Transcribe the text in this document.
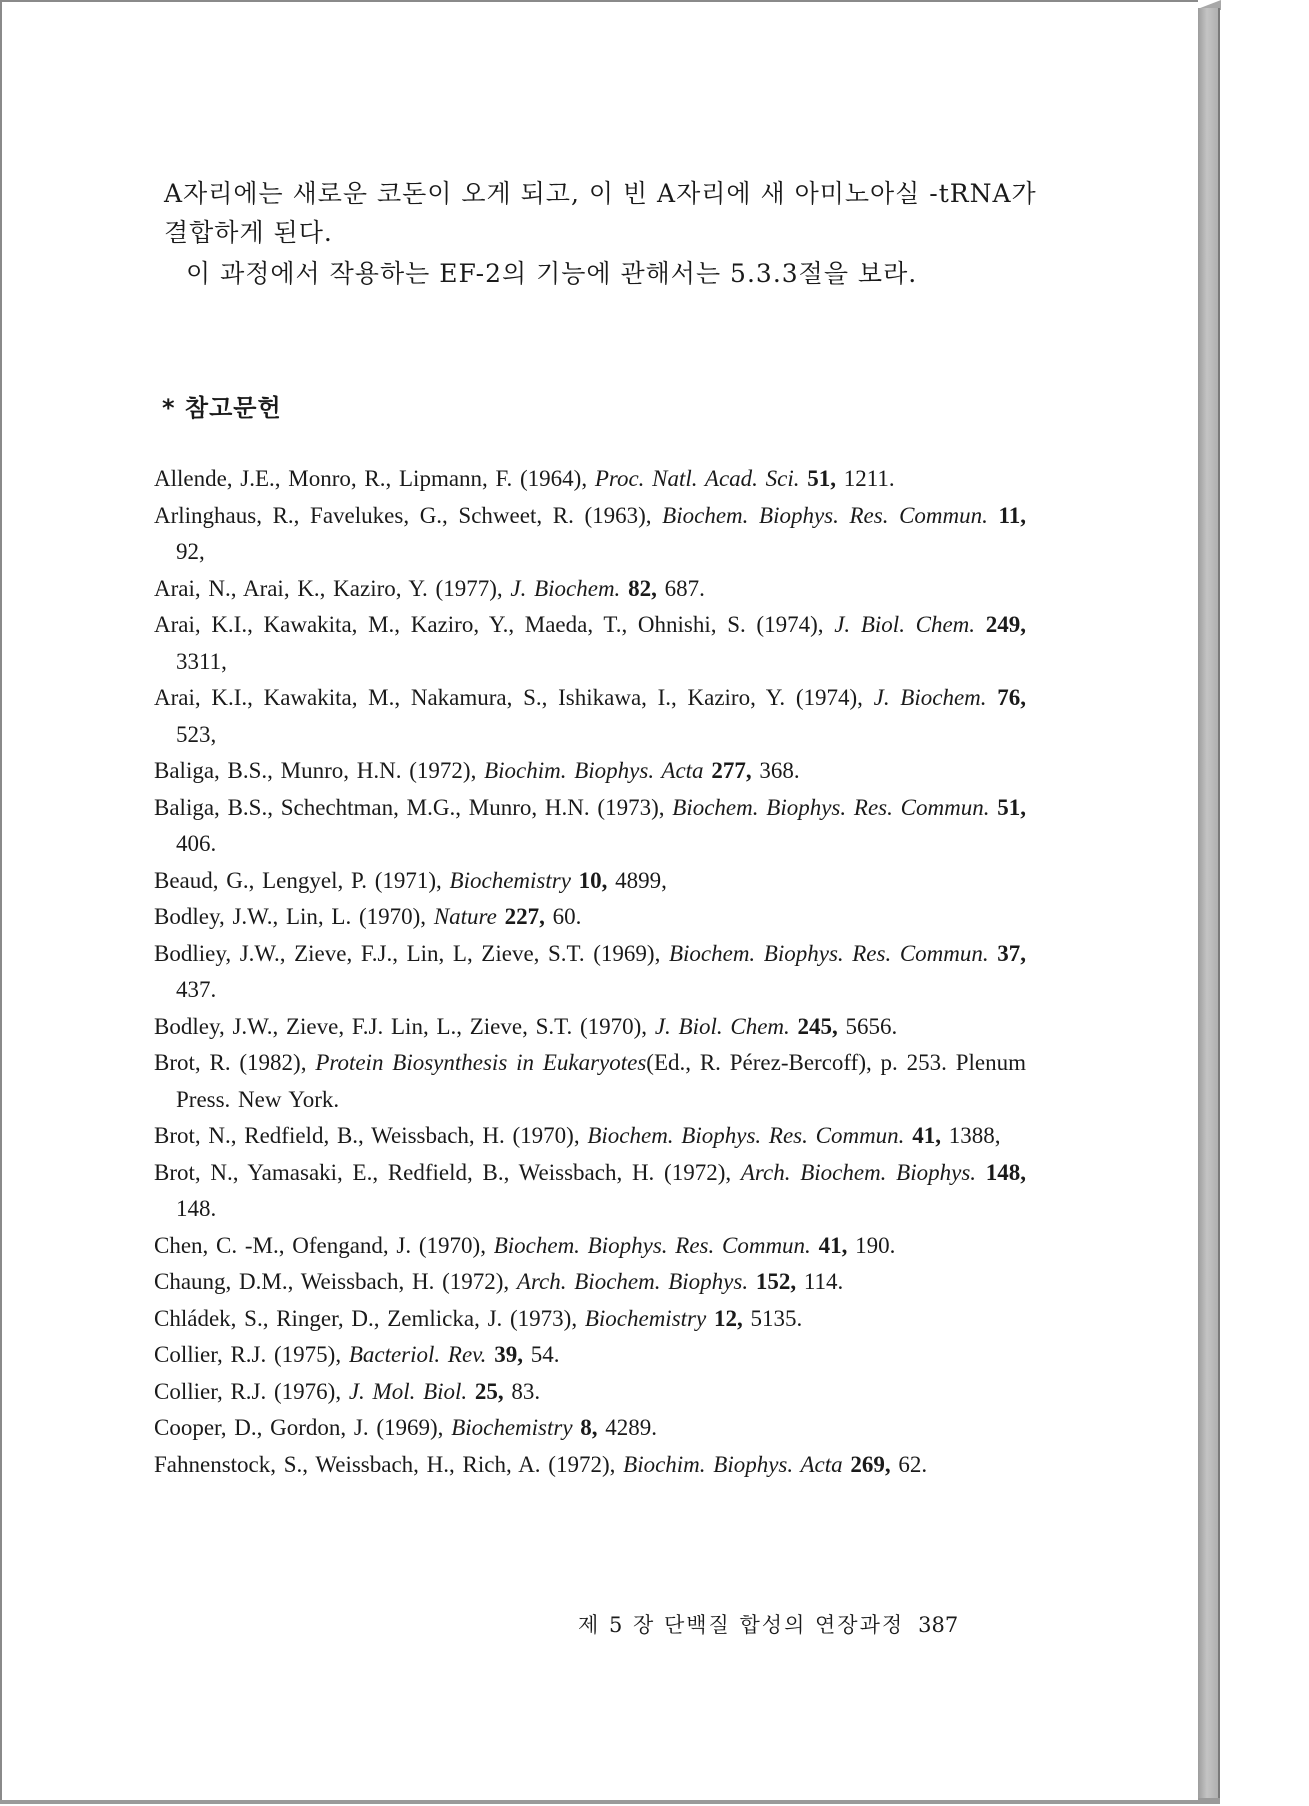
A자리에는 새로운 코돈이 오게 되고, 이 빈 A자리에 새 아미노아실 -tRNA가 결합하게 된다.

이 과정에서 작용하는 EF-2의 기능에 관해서는 5.3.3절을 보라.

* 참고문헌

Allende, J.E., Monro, R., Lipmann, F. (1964), Proc. Natl. Acad. Sci. 51, 1211.

Arlinghaus, R., Favelukes, G., Schweet, R. (1963), Biochem. Biophys. Res. Commun. 11, 92,

Arai, N., Arai, K., Kaziro, Y. (1977), J. Biochem. 82, 687.

Arai, K.I., Kawakita, M., Kaziro, Y., Maeda, T., Ohnishi, S. (1974), J. Biol. Chem. 249, 3311,

Arai, K.I., Kawakita, M., Nakamura, S., Ishikawa, I., Kaziro, Y. (1974), J. Biochem. 76, 523,

Baliga, B.S., Munro, H.N. (1972), Biochim. Biophys. Acta 277, 368.

Baliga, B.S., Schechtman, M.G., Munro, H.N. (1973), Biochem. Biophys. Res. Commun. 51, 406.

Beaud, G., Lengyel, P. (1971), Biochemistry 10, 4899,

Bodley, J.W., Lin, L. (1970), Nature 227, 60.

Bodliey, J.W., Zieve, F.J., Lin, L, Zieve, S.T. (1969), Biochem. Biophys. Res. Commun. 37, 437.

Bodley, J.W., Zieve, F.J. Lin, L., Zieve, S.T. (1970), J. Biol. Chem. 245, 5656.

Brot, R. (1982), Protein Biosynthesis in Eukaryotes(Ed., R. Pérez-Bercoff), p. 253. Plenum Press. New York.

Brot, N., Redfield, B., Weissbach, H. (1970), Biochem. Biophys. Res. Commun. 41, 1388,

Brot, N., Yamasaki, E., Redfield, B., Weissbach, H. (1972), Arch. Biochem. Biophys. 148, 148.

Chen, C. -M., Ofengand, J. (1970), Biochem. Biophys. Res. Commun. 41, 190.

Chaung, D.M., Weissbach, H. (1972), Arch. Biochem. Biophys. 152, 114.

Chládek, S., Ringer, D., Zemlicka, J. (1973), Biochemistry 12, 5135.

Collier, R.J. (1975), Bacteriol. Rev. 39, 54.

Collier, R.J. (1976), J. Mol. Biol. 25, 83.

Cooper, D., Gordon, J. (1969), Biochemistry 8, 4289.

Fahnenstock, S., Weissbach, H., Rich, A. (1972), Biochim. Biophys. Acta 269, 62.

제 5 장 단백질 합성의 연장과정 387
